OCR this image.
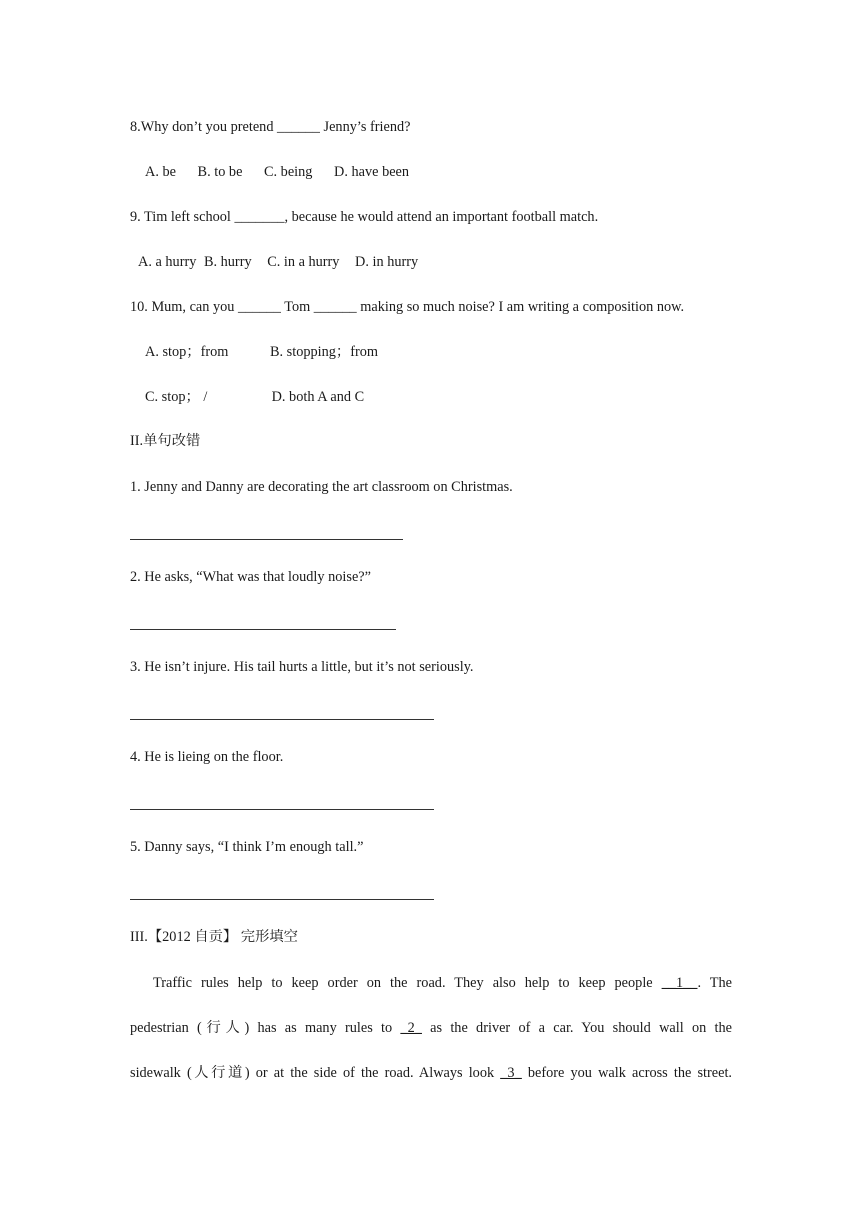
8.Why don’t you pretend ______ Jenny’s friend?
A. be B. to be C. being D. have been
9. Tim left school _______, because he would attend an important football match.
A. a hurry B. hurry C. in a hurry D. in hurry
10. Mum, can you ______ Tom ______ making so much noise? I am writing a composition now.
A. stop；from	B. stopping；from
C. stop； /	D. both A and C
II.单句改错
1. Jenny and Danny are decorating the art classroom on Christmas.
2. He asks, “What was that loudly noise?”
3. He isn’t injure. His tail hurts a little, but it’s not seriously.
4. He is lieing on the floor.
5. Danny says, “I think I’m enough tall.”
III.【2012 自贡】 完形填空
Traffic rules help to keep order on the road. They also help to keep people __1__. The
pedestrian (行人) has as many rules to _2_ as the driver of a car. You should wall on the
sidewalk (人行道) or at the side of the road. Always look _3_ before you walk across the street.
